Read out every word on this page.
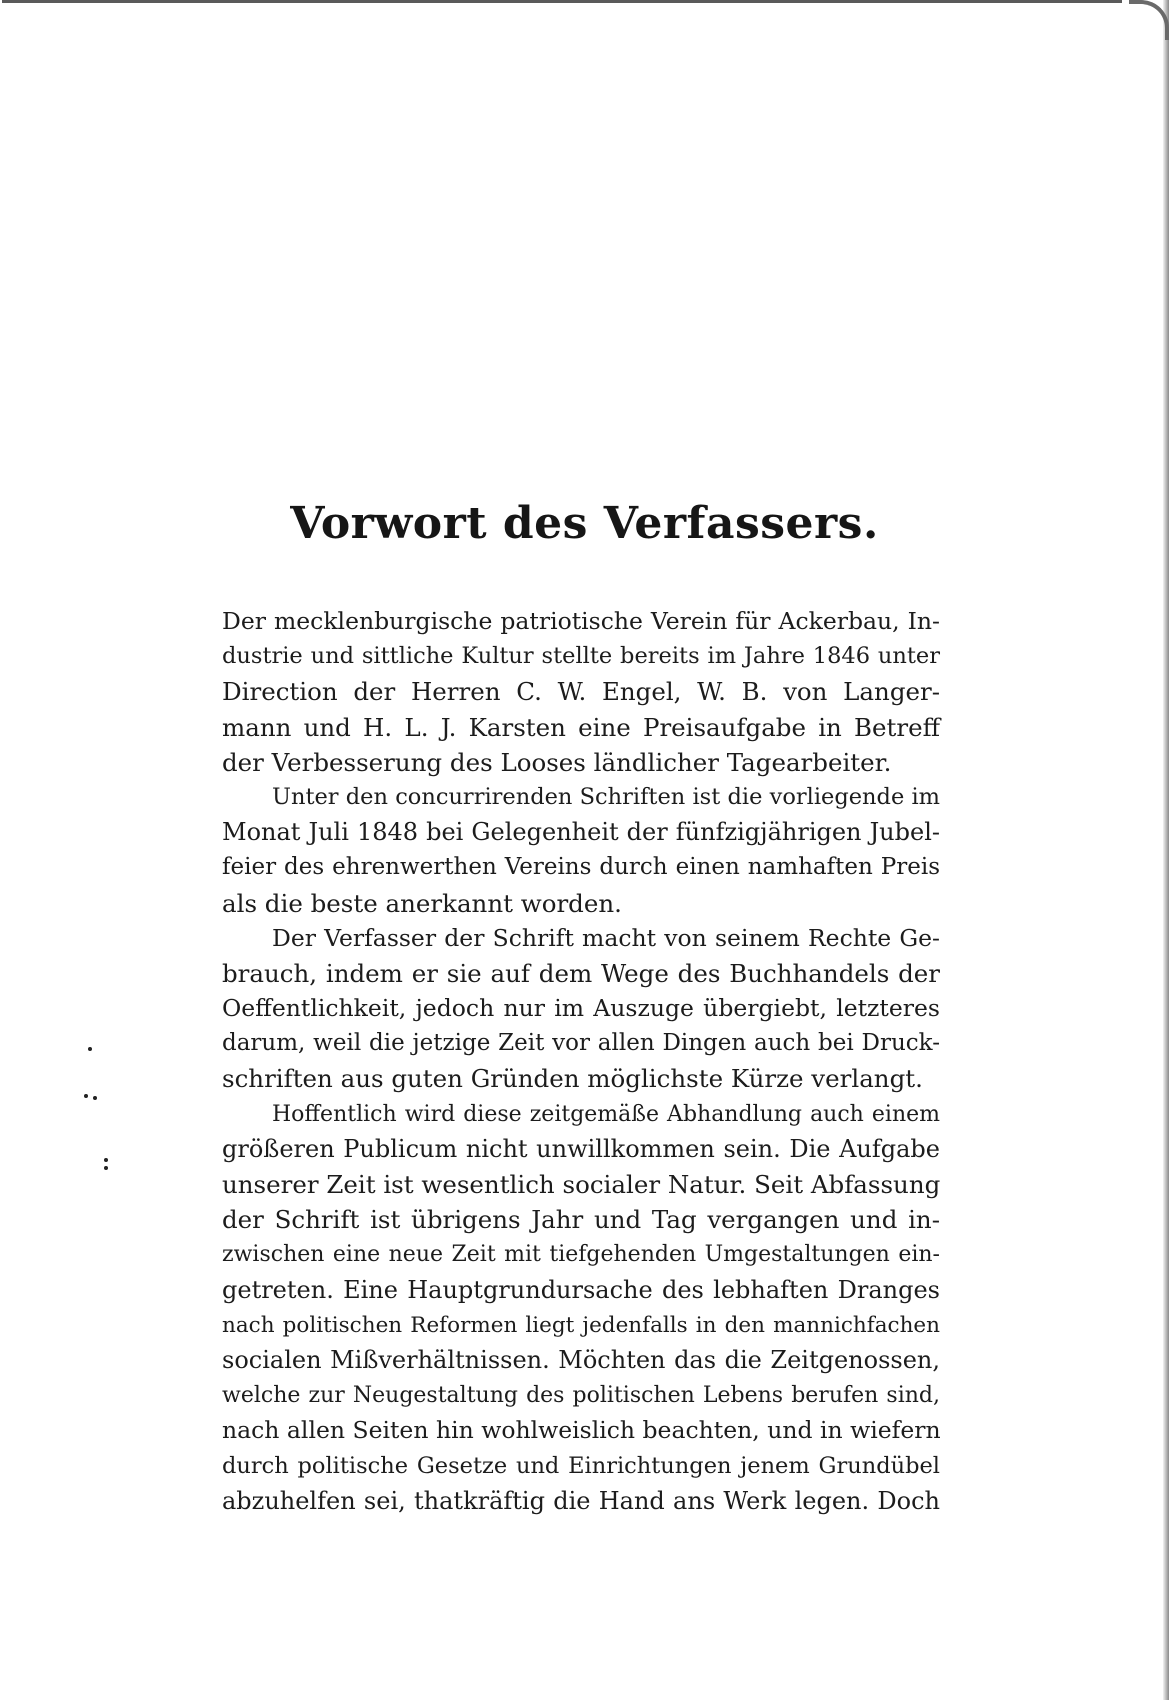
Vorwort des Verfassers.
Der mecklenburgische patriotische Verein für Ackerbau, In-
dustrie und sittliche Kultur stellte bereits im Jahre 1846 unter
Direction der Herren C. W. Engel, W. B. von Langer-
mann und H. L. J. Karsten eine Preisaufgabe in Betreff
der Verbesserung des Looses ländlicher Tagearbeiter.
Unter den concurrirenden Schriften ist die vorliegende im
Monat Juli 1848 bei Gelegenheit der fünfzigjährigen Jubel-
feier des ehrenwerthen Vereins durch einen namhaften Preis
als die beste anerkannt worden.
Der Verfasser der Schrift macht von seinem Rechte Ge-
brauch, indem er sie auf dem Wege des Buchhandels der
Oeffentlichkeit, jedoch nur im Auszuge übergiebt, letzteres
darum, weil die jetzige Zeit vor allen Dingen auch bei Druck-
schriften aus guten Gründen möglichste Kürze verlangt.
Hoffentlich wird diese zeitgemäße Abhandlung auch einem
größeren Publicum nicht unwillkommen sein. Die Aufgabe
unserer Zeit ist wesentlich socialer Natur. Seit Abfassung
der Schrift ist übrigens Jahr und Tag vergangen und in-
zwischen eine neue Zeit mit tiefgehenden Umgestaltungen ein-
getreten. Eine Hauptgrundursache des lebhaften Dranges
nach politischen Reformen liegt jedenfalls in den mannichfachen
socialen Mißverhältnissen. Möchten das die Zeitgenossen,
welche zur Neugestaltung des politischen Lebens berufen sind,
nach allen Seiten hin wohlweislich beachten, und in wiefern
durch politische Gesetze und Einrichtungen jenem Grundübel
abzuhelfen sei, thatkräftig die Hand ans Werk legen. Doch
